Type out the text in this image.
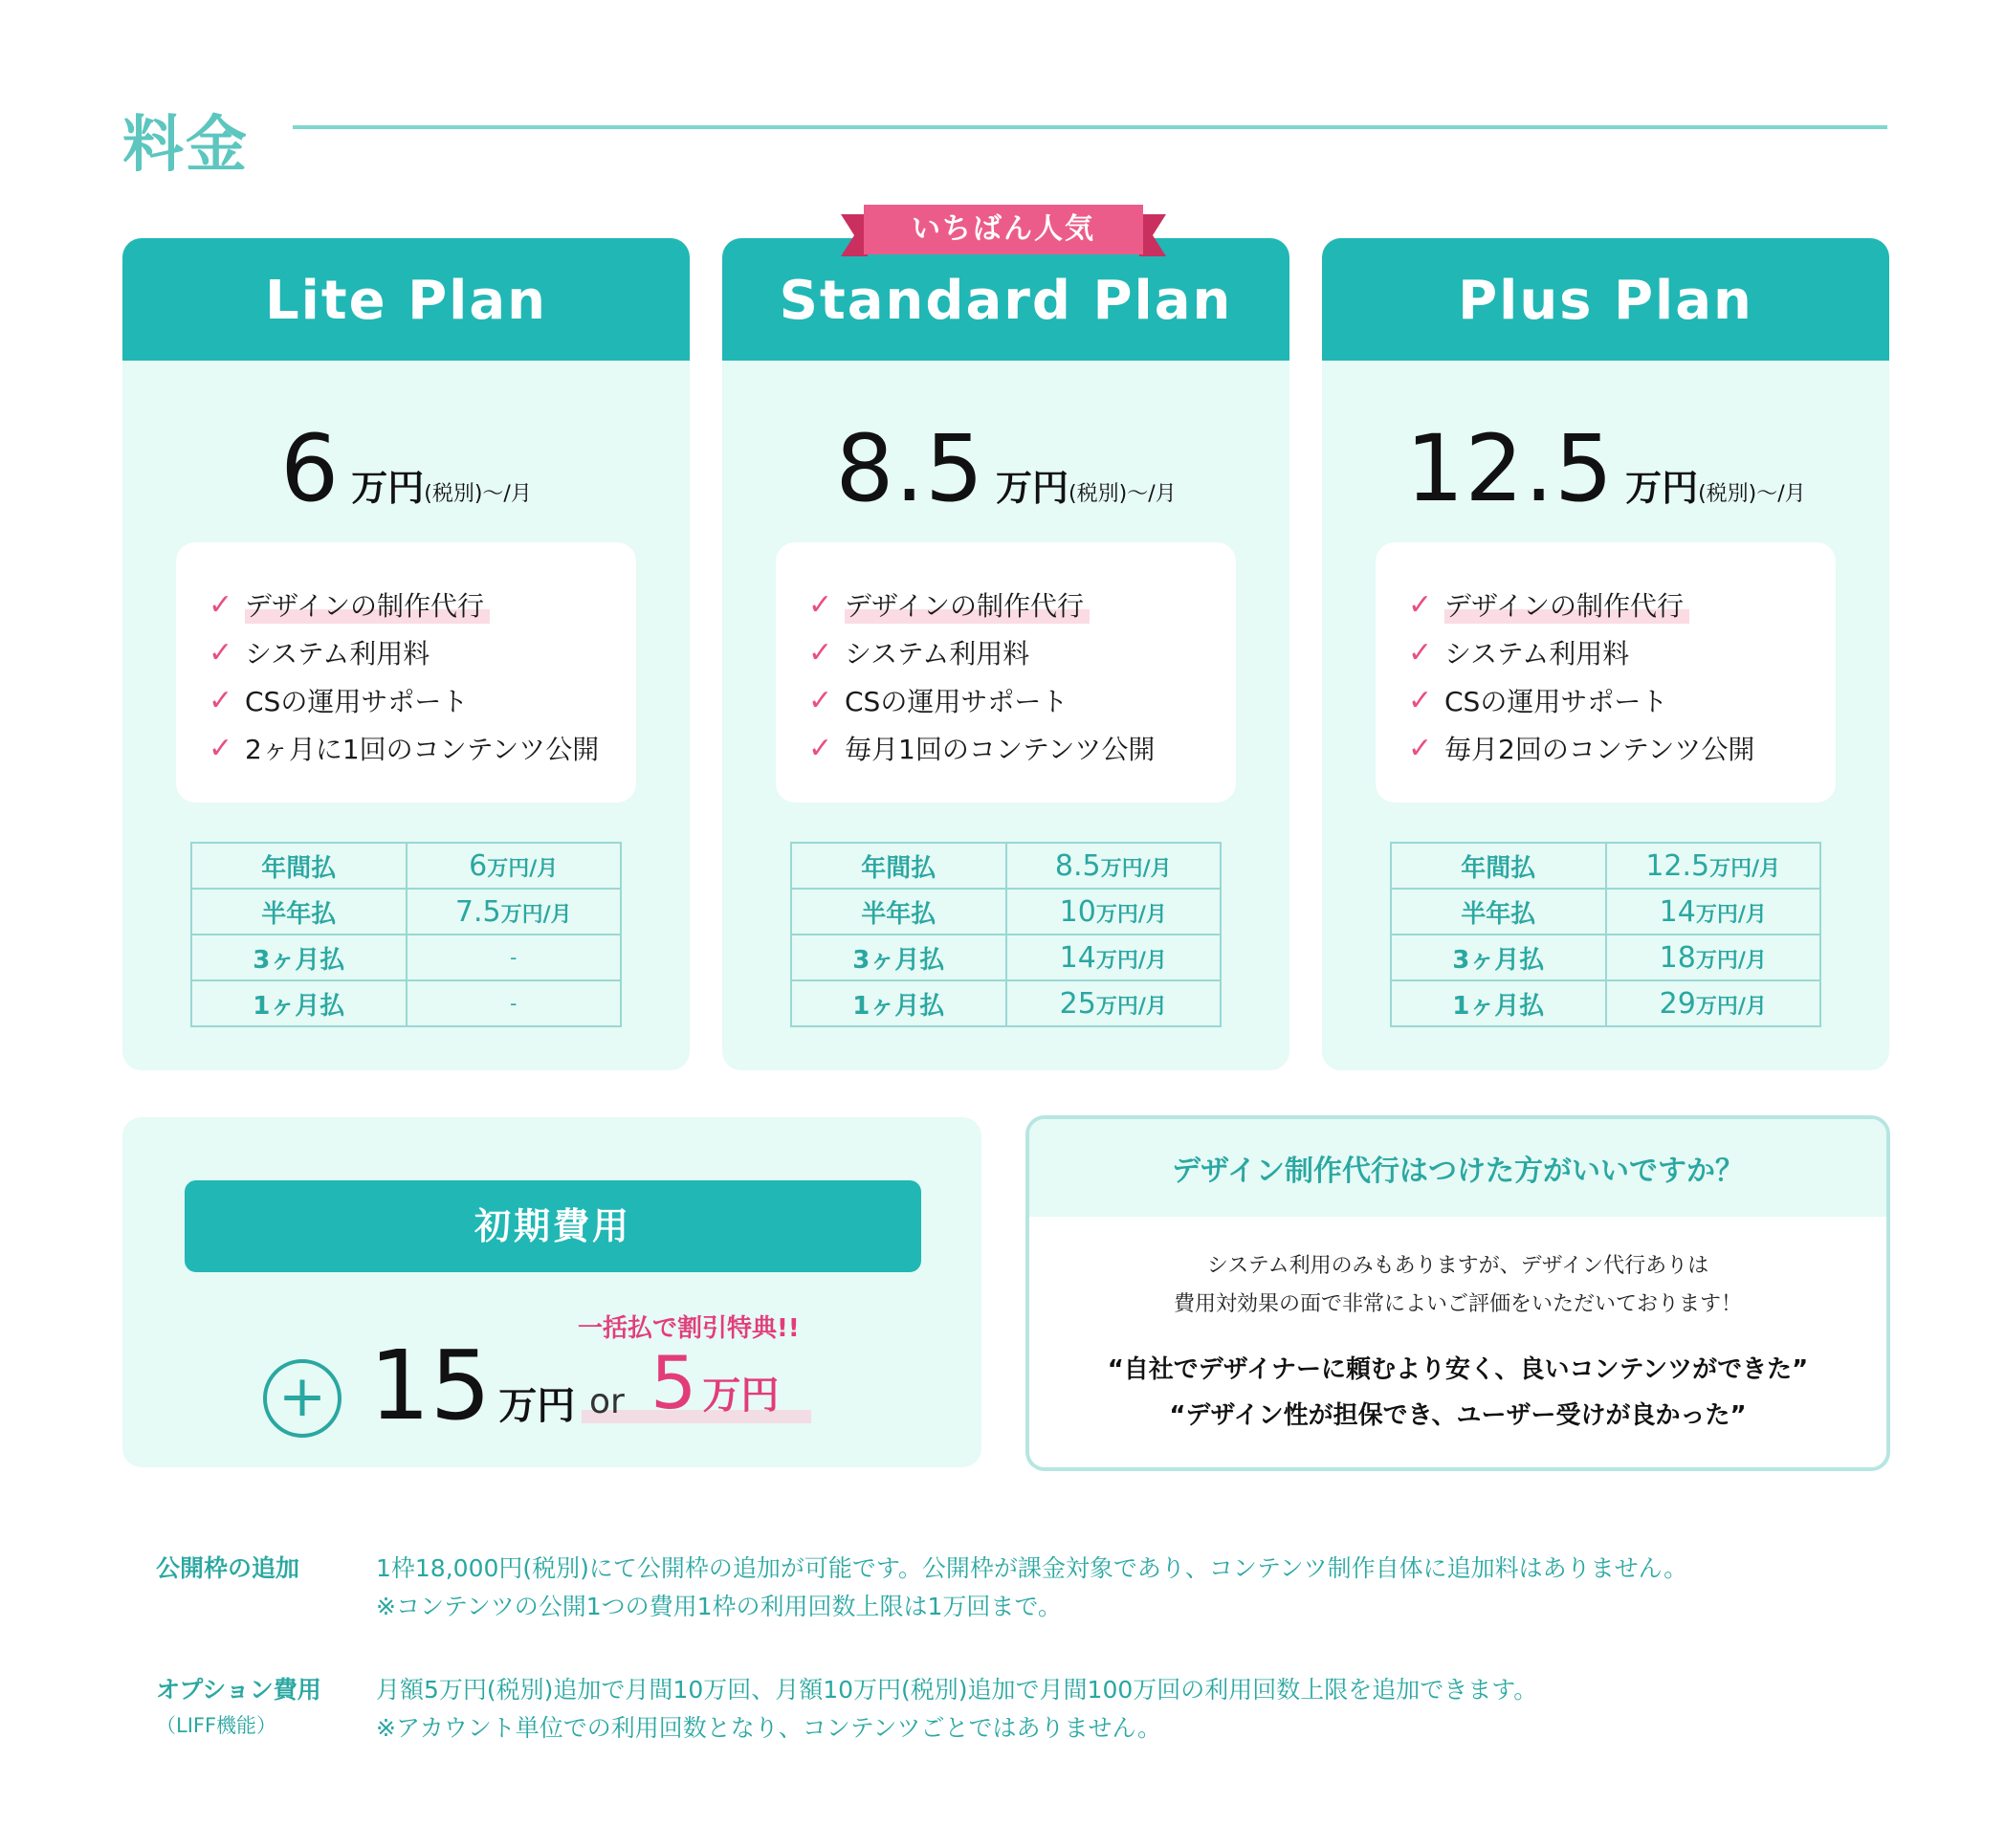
料金
Lite Plan
6 万円(税別)〜/月
✓ デザインの制作代行
✓ システム利用料
✓ CSの運用サポート
✓ 2ヶ月に1回のコンテンツ公開
年間払	6万円/月
半年払	7.5万円/月
3ヶ月払	-
1ヶ月払	-
Standard Plan
8.5 万円(税別)〜/月
✓ デザインの制作代行
✓ システム利用料
✓ CSの運用サポート
✓ 毎月1回のコンテンツ公開
年間払	8.5万円/月
半年払	10万円/月
3ヶ月払	14万円/月
1ヶ月払	25万円/月
いちばん人気
Plus Plan
12.5 万円(税別)〜/月
✓ デザインの制作代行
✓ システム利用料
✓ CSの運用サポート
✓ 毎月2回のコンテンツ公開
年間払	12.5万円/月
半年払	14万円/月
3ヶ月払	18万円/月
1ヶ月払	29万円/月
初期費用
+ 15 万円 or
一括払で割引特典!!
5 万円
デザイン制作代行はつけた方がいいですか？
システム利用のみもありますが、デザイン代行ありは
費用対効果の面で非常によいご評価をいただいております！
“自社でデザイナーに頼むより安く、良いコンテンツができた”
“デザイン性が担保でき、ユーザー受けが良かった”
公開枠の追加	1枠18,000円(税別)にて公開枠の追加が可能です。公開枠が課金対象であり、コンテンツ制作自体に追加料はありません。
※コンテンツの公開1つの費用1枠の利用回数上限は1万回まで。
オプション費用
（LIFF機能）
月額5万円(税別)追加で月間10万回、月額10万円(税別)追加で月間100万回の利用回数上限を追加できます。
※アカウント単位での利用回数となり、コンテンツごとではありません。
